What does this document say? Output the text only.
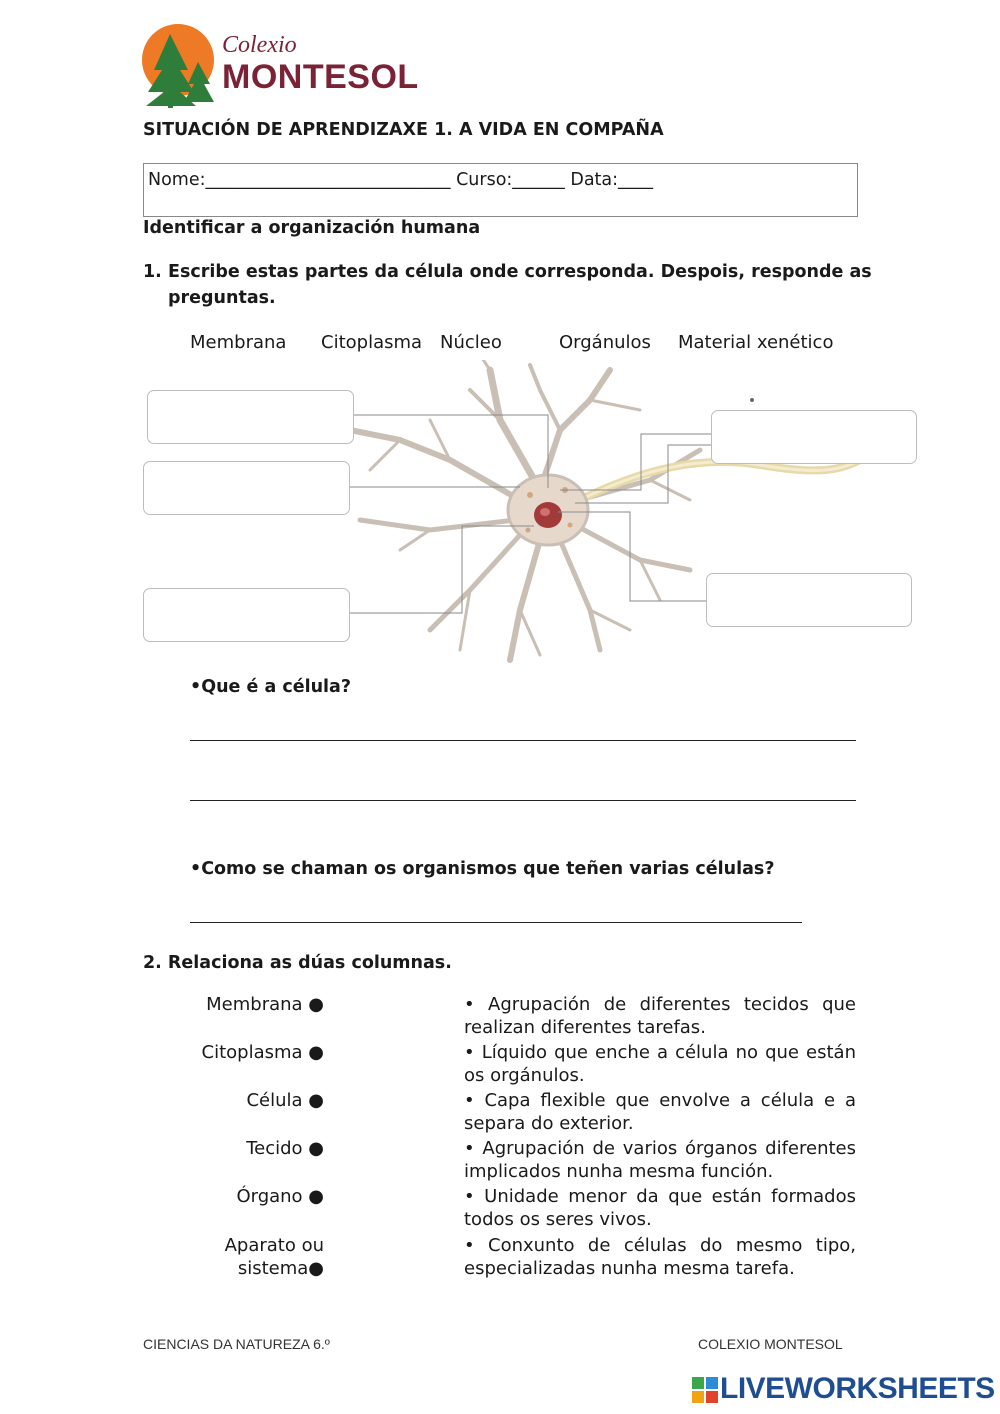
Colexio
MONTESOL
SITUACIÓN DE APRENDIZAXE 1. A VIDA EN COMPAÑA
Nome:____________________________ Curso:______ Data:____
Identificar a organización humana
1. Escribe estas partes da célula onde corresponda. Despois, responde as
preguntas.
Membrana Citoplasma Núcleo	Orgánulos Material xenético
•Que é a célula?
•Como se chaman os organismos que teñen varias células?
2. Relaciona as dúas columnas.
Membrana ●
Citoplasma ●
Célula ●
Tecido ●
Órgano ●
Aparato ou
sistema●
• Agrupación de diferentes tecidos que realizan diferentes tarefas.
• Líquido que enche a célula no que están os orgánulos.
• Capa flexible que envolve a célula e a separa do exterior.
• Agrupación de varios órganos diferentes implicados nunha mesma función.
• Unidade menor da que están formados todos os seres vivos.
• Conxunto de células do mesmo tipo, especializadas nunha mesma tarefa.
CIENCIAS DA NATUREZA 6.º	COLEXIO MONTESOL
LIVEWORKSHEETS
